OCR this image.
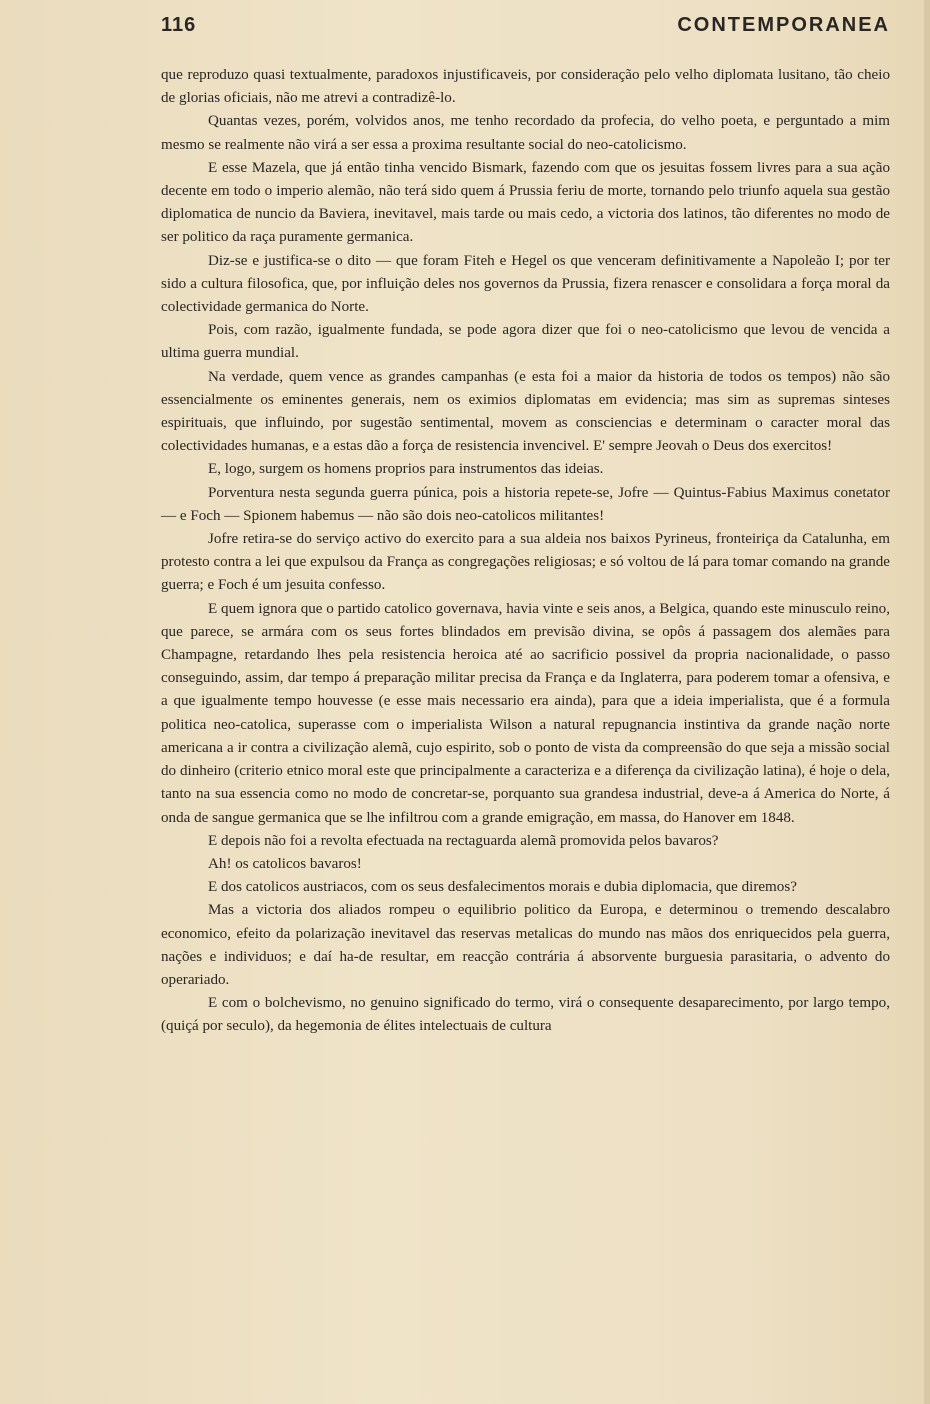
116	CONTEMPORANEA

que reproduzo quasi textualmente, paradoxos injustificaveis, por consideração pelo velho diplomata lusitano, tão cheio de glorias oficiais, não me atrevi a contradizê-lo.

Quantas vezes, porém, volvidos anos, me tenho recordado da profecia, do velho poeta, e perguntado a mim mesmo se realmente não virá a ser essa a proxima resultante social do neo-catolicismo.

E esse Mazela, que já então tinha vencido Bismark, fazendo com que os jesuitas fossem livres para a sua ação decente em todo o imperio alemão, não terá sido quem á Prussia feriu de morte, tornando pelo triunfo aquela sua gestão diplomatica de nuncio da Baviera, inevitavel, mais tarde ou mais cedo, a victoria dos latinos, tão diferentes no modo de ser politico da raça puramente germanica.

Diz-se e justifica-se o dito — que foram Fiteh e Hegel os que venceram definitivamente a Napoleão I; por ter sido a cultura filosofica, que, por influição deles nos governos da Prussia, fizera renascer e consolidara a força moral da colectividade germanica do Norte.

Pois, com razão, igualmente fundada, se pode agora dizer que foi o neo-catolicismo que levou de vencida a ultima guerra mundial.

Na verdade, quem vence as grandes campanhas (e esta foi a maior da historia de todos os tempos) não são essencialmente os eminentes generais, nem os eximios diplomatas em evidencia; mas sim as supremas sinteses espirituais, que influindo, por sugestão sentimental, movem as consciencias e determinam o caracter moral das colectividades humanas, e a estas dão a força de resistencia invencivel. E' sempre Jeovah o Deus dos exercitos!

E, logo, surgem os homens proprios para instrumentos das ideias.

Porventura nesta segunda guerra púnica, pois a historia repete-se, Jofre — Quintus-Fabius Maximus conetator — e Foch — Spionem habemus — não são dois neo-catolicos militantes!

Jofre retira-se do serviço activo do exercito para a sua aldeia nos baixos Pyrineus, fronteiriça da Catalunha, em protesto contra a lei que expulsou da França as congregações religiosas; e só voltou de lá para tomar comando na grande guerra; e Foch é um jesuita confesso.

E quem ignora que o partido catolico governava, havia vinte e seis anos, a Belgica, quando este minusculo reino, que parece, se armára com os seus fortes blindados em previsão divina, se opôs á passagem dos alemães para Champagne, retardando lhes pela resistencia heroica até ao sacrificio possivel da propria nacionalidade, o passo conseguindo, assim, dar tempo á preparação militar precisa da França e da Inglaterra, para poderem tomar a ofensiva, e a que igualmente tempo houvesse (e esse mais necessario era ainda), para que a ideia imperialista, que é a formula politica neo-catolica, superasse com o imperialista Wilson a natural repugnancia instintiva da grande nação norte americana a ir contra a civilização alemã, cujo espirito, sob o ponto de vista da compreensão do que seja a missão social do dinheiro (criterio etnico moral este que principalmente a caracteriza e a diferença da civilização latina), é hoje o dela, tanto na sua essencia como no modo de concretar-se, porquanto sua grandesa industrial, deve-a á America do Norte, á onda de sangue germanica que se lhe infiltrou com a grande emigração, em massa, do Hanover em 1848.

E depois não foi a revolta efectuada na rectaguarda alemã promovida pelos bavaros?

Ah! os catolicos bavaros!

E dos catolicos austriacos, com os seus desfalecimentos morais e dubia diplomacia, que diremos?

Mas a victoria dos aliados rompeu o equilibrio politico da Europa, e determinou o tremendo descalabro economico, efeito da polarização inevitavel das reservas metalicas do mundo nas mãos dos enriquecidos pela guerra, nações e individuos; e daí ha-de resultar, em reacção contrária á absorvente burguesia parasitaria, o advento do operariado.

E com o bolchevismo, no genuino significado do termo, virá o consequente desaparecimento, por largo tempo, (quiçá por seculo), da hegemonia de élites intelectuais de cultura
